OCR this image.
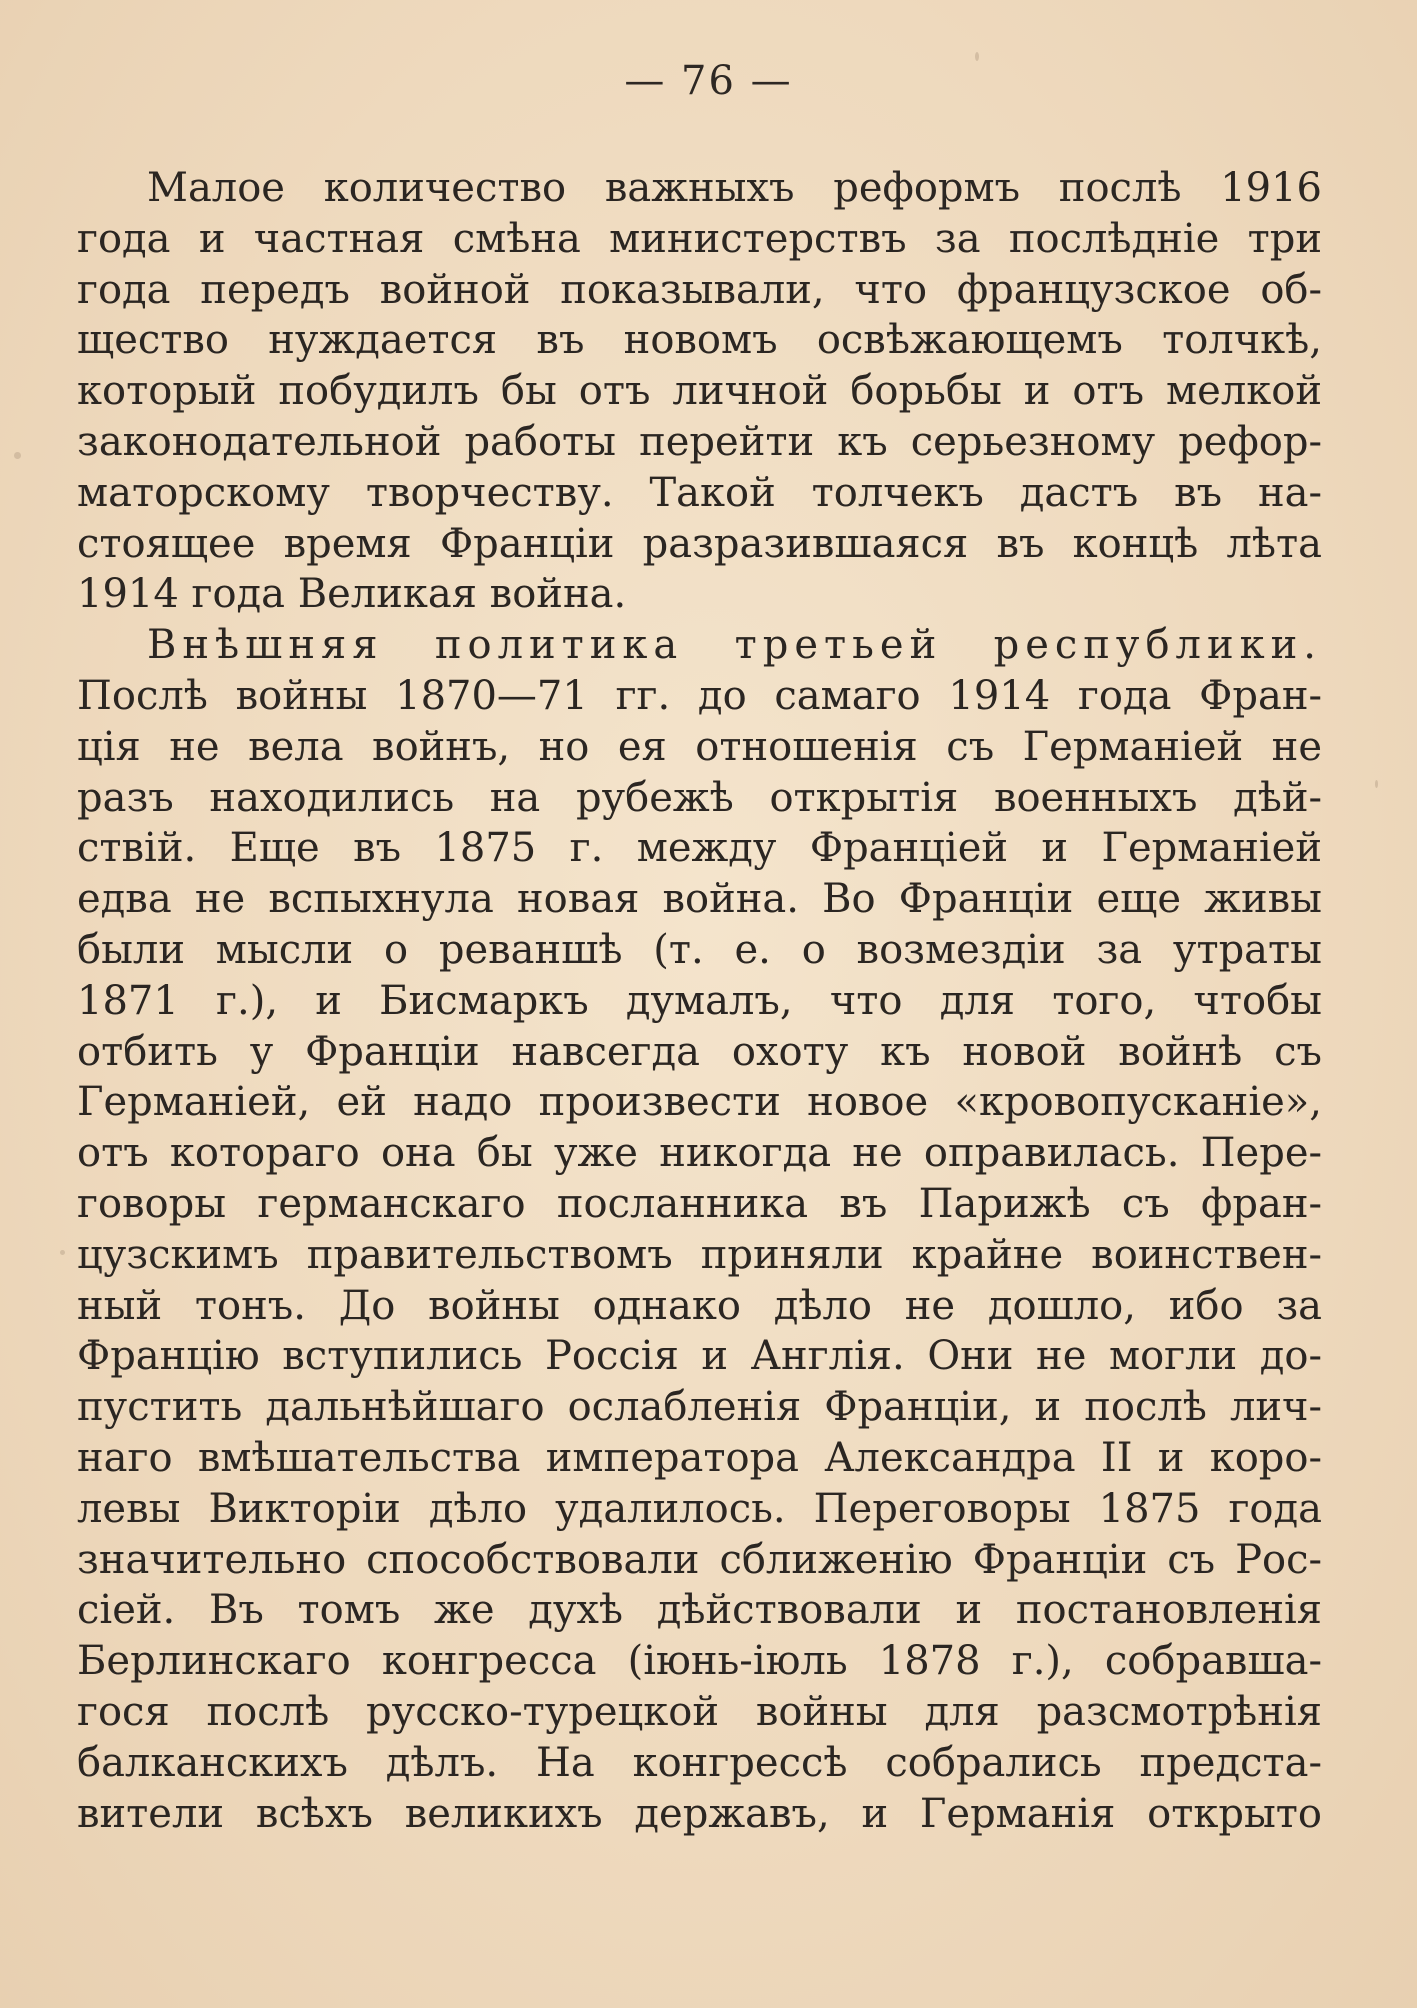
— 76 —
Малое количество важныхъ реформъ послѣ 1916
года и частная смѣна министерствъ за послѣдніе три
года передъ войной показывали, что французское об-
щество нуждается въ новомъ освѣжающемъ толчкѣ,
который побудилъ бы отъ личной борьбы и отъ мелкой
законодательной работы перейти къ серьезному рефор-
маторскому творчеству. Такой толчекъ дастъ въ на-
стоящее время Франціи разразившаяся въ концѣ лѣта
1914 года Великая война.
Внѣшняя политика третьей республики.
Послѣ войны 1870—71 гг. до самаго 1914 года Фран-
ція не вела войнъ, но ея отношенія съ Германіей не
разъ находились на рубежѣ открытія военныхъ дѣй-
ствій. Еще въ 1875 г. между Франціей и Германіей
едва не вспыхнула новая война. Во Франціи еще живы
были мысли о реваншѣ (т. е. о возмездіи за утраты
1871 г.), и Бисмаркъ думалъ, что для того, чтобы
отбить у Франціи навсегда охоту къ новой войнѣ съ
Германіей, ей надо произвести новое «кровопусканіе»,
отъ котораго она бы уже никогда не оправилась. Пере-
говоры германскаго посланника въ Парижѣ съ фран-
цузскимъ правительствомъ приняли крайне воинствен-
ный тонъ. До войны однако дѣло не дошло, ибо за
Францію вступились Россія и Англія. Они не могли до-
пустить дальнѣйшаго ослабленія Франціи, и послѣ лич-
наго вмѣшательства императора Александра II и коро-
левы Викторіи дѣло удалилось. Переговоры 1875 года
значительно способствовали сближенію Франціи съ Рос-
сіей. Въ томъ же духѣ дѣйствовали и постановленія
Берлинскаго конгресса (іюнь-іюль 1878 г.), собравша-
гося послѣ русско-турецкой войны для разсмотрѣнія
балканскихъ дѣлъ. На конгрессѣ собрались предста-
вители всѣхъ великихъ державъ, и Германія открыто
